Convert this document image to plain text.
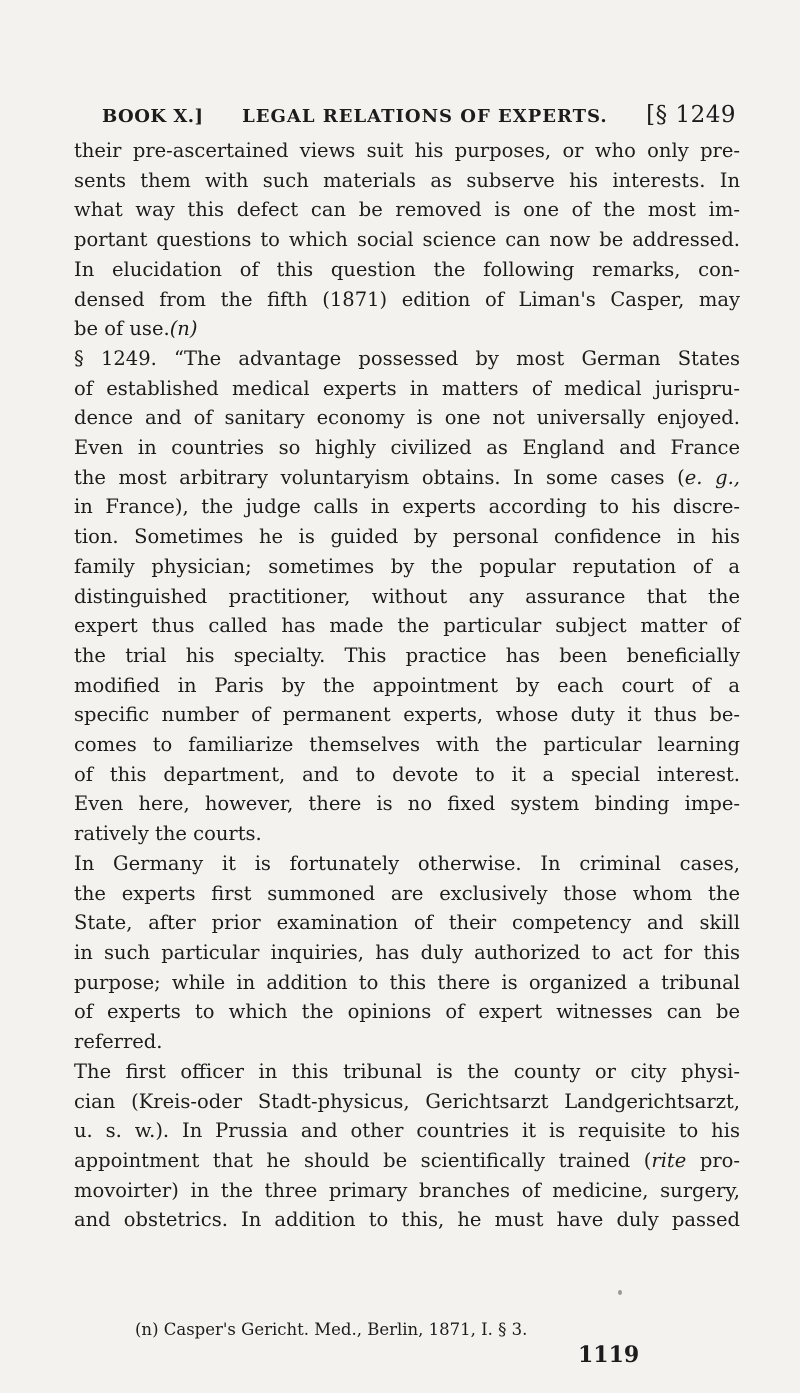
BOOK X.] LEGAL RELATIONS OF EXPERTS. [§ 1249
their pre-ascertained views suit his purposes, or who only pre-
sents them with such materials as subserve his interests. In
what way this defect can be removed is one of the most im-
portant questions to which social science can now be addressed.
In elucidation of this question the following remarks, con-
densed from the fifth (1871) edition of Liman's Casper, may
be of use.(n)
§ 1249. “The advantage possessed by most German States
of established medical experts in matters of medical jurispru-
dence and of sanitary economy is one not universally enjoyed.
Even in countries so highly civilized as England and France
the most arbitrary voluntaryism obtains. In some cases (e. g.,
in France), the judge calls in experts according to his discre-
tion. Sometimes he is guided by personal confidence in his
family physician; sometimes by the popular reputation of a
distinguished practitioner, without any assurance that the
expert thus called has made the particular subject matter of
the trial his specialty. This practice has been beneficially
modified in Paris by the appointment by each court of a
specific number of permanent experts, whose duty it thus be-
comes to familiarize themselves with the particular learning
of this department, and to devote to it a special interest.
Even here, however, there is no fixed system binding impe-
ratively the courts.
In Germany it is fortunately otherwise. In criminal cases,
the experts first summoned are exclusively those whom the
State, after prior examination of their competency and skill
in such particular inquiries, has duly authorized to act for this
purpose; while in addition to this there is organized a tribunal
of experts to which the opinions of expert witnesses can be
referred.
The first officer in this tribunal is the county or city physi-
cian (Kreis-oder Stadt-physicus, Gerichtsarzt Landgerichtsarzt,
u. s. w.). In Prussia and other countries it is requisite to his
appointment that he should be scientifically trained (rite pro-
movoirter) in the three primary branches of medicine, surgery,
and obstetrics. In addition to this, he must have duly passed
(n) Casper's Gericht. Med., Berlin, 1871, I. § 3.
1119
